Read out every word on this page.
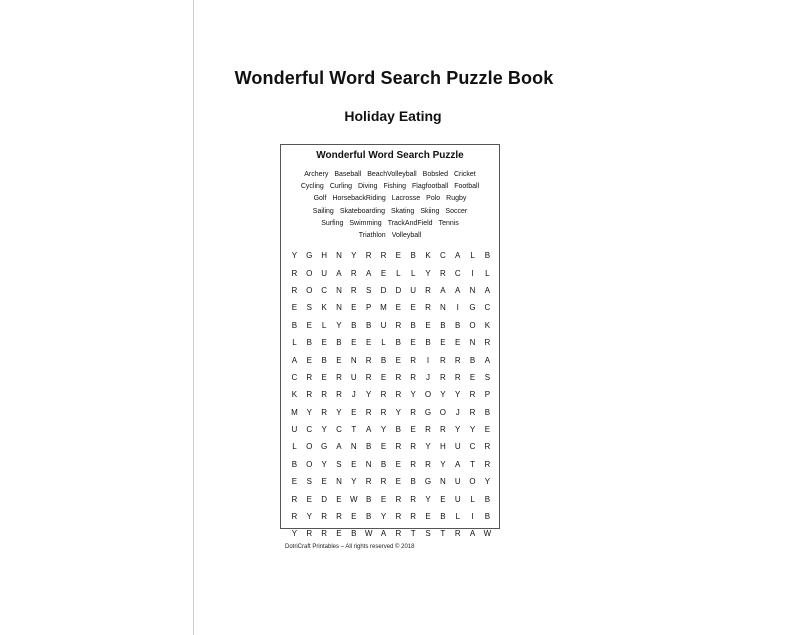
Wonderful Word Search Puzzle Book
Holiday Eating
Wonderful Word Search Puzzle
Archery Baseball BeachVolleyball Bobsled Cricket
Cycling Curling Diving Fishing Flagfootball Football
Golf HorsebackRiding Lacrosse Polo Rugby
Sailing Skateboarding Skating Skiing Soccer
Surfing Swimming TrackAndField Tennis
Triathlon Volleyball
Y	G	H	N	Y	R	R	E	B	K	C	A	L	B
R	O	U	A	R	A	E	L	L	Y	R	C	I	L
R	O	C	N	R	S	D	D	U	R	A	A	N	A
E	S	K	N	E	P	M	E	E	R	N	I	G	C
B	E	L	Y	B	B	U	R	B	E	B	B	O	K
L	B	E	B	E	E	L	B	E	B	E	E	N	R
A	E	B	E	N	R	B	E	R	I	R	R	B	A
C	R	E	R	U	R	E	R	R	J	R	R	E	S
K	R	R	R	J	Y	R	R	Y	O	Y	Y	R	P
M	Y	R	Y	E	R	R	Y	R	G	O	J	R	B
U	C	Y	C	T	A	Y	B	E	R	R	Y	Y	E
L	O	G	A	N	B	E	R	R	Y	H	U	C	R
B	O	Y	S	E	N	B	E	R	R	Y	A	T	R
E	S	E	N	Y	R	R	E	B	G	N	U	O	Y
R	E	D	E	W	B	E	R	R	Y	E	U	L	B
R	Y	R	R	E	B	Y	R	R	E	B	L	I	B
Y	R	R	E	B	W	A	R	T	S	T	R	A	W
DotriCraft Printables – All rights reserved © 2018
